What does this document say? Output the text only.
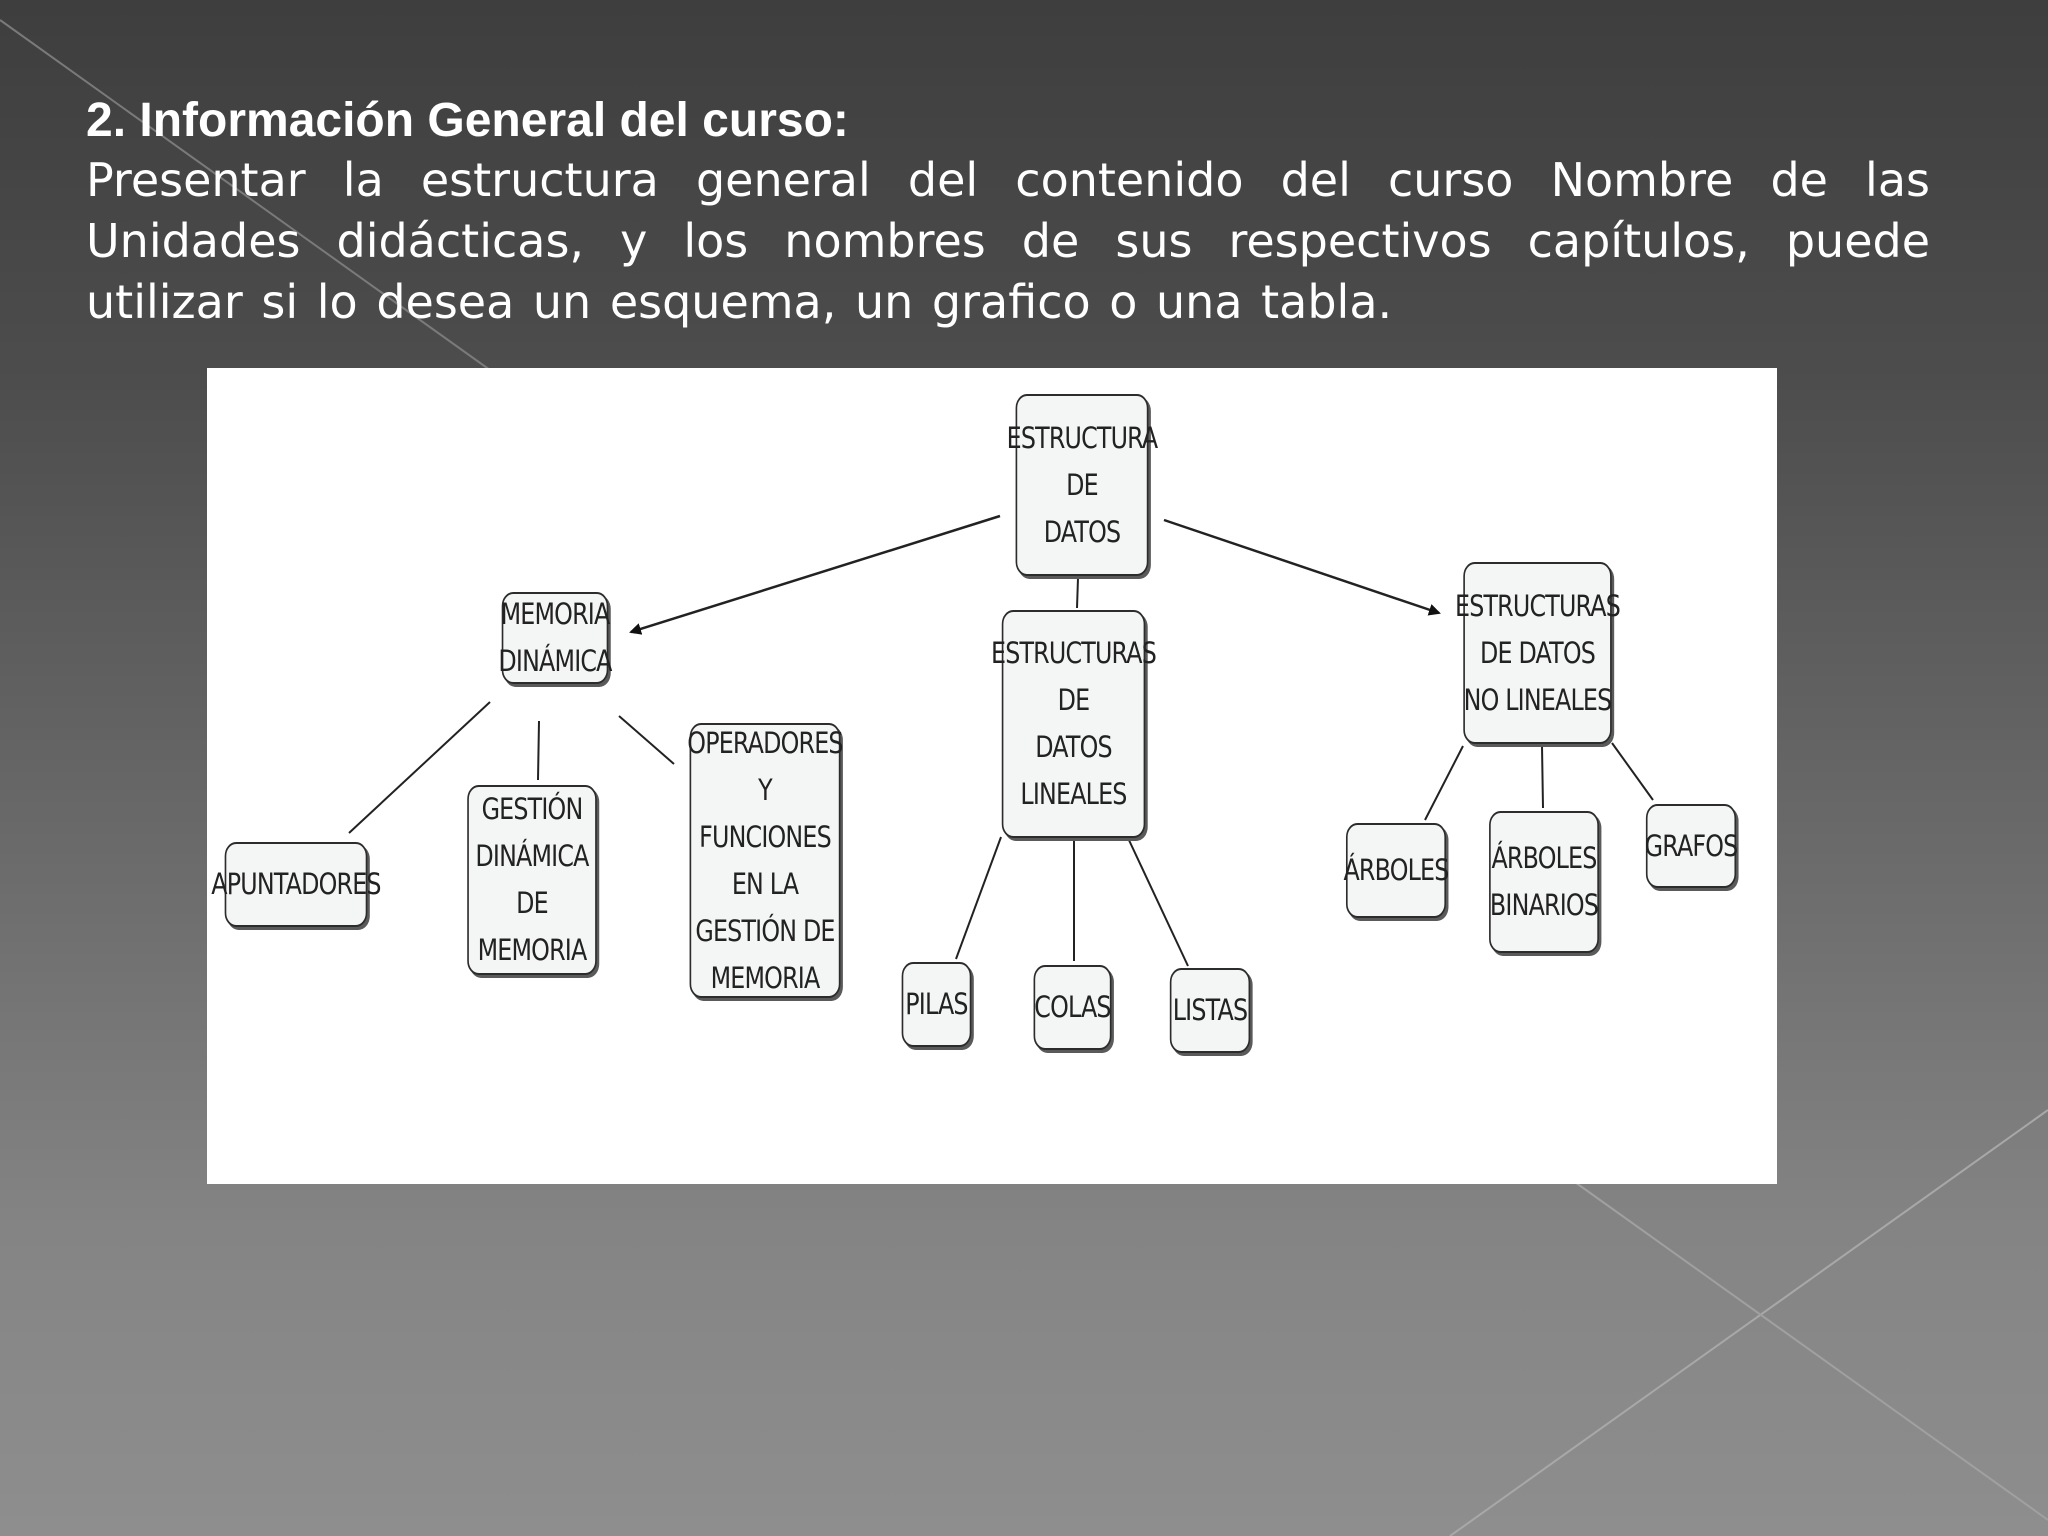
2. Información General del curso:
Presentar la estructura general del contenido del curso Nombre de las Unidades didácticas, y los nombres de sus respectivos capítulos, puede utilizar si lo desea un esquema, un grafico o una tabla.
ESTRUCTURA
DE
DATOS
MEMORIA
DINÁMICA	ESTRUCTURAS
DE
DATOS
LINEALES
ESTRUCTURAS
DE DATOS
NO LINEALES
APUNTADORES
GESTIÓN
DINÁMICA
DE MEMORIA
OPERADORES Y
FUNCIONES
EN LA
GESTIÓN DE
MEMORIA
PILAS COLAS LISTAS
ÁRBOLES ÁRBOLES
BINARIOS
GRAFOS
